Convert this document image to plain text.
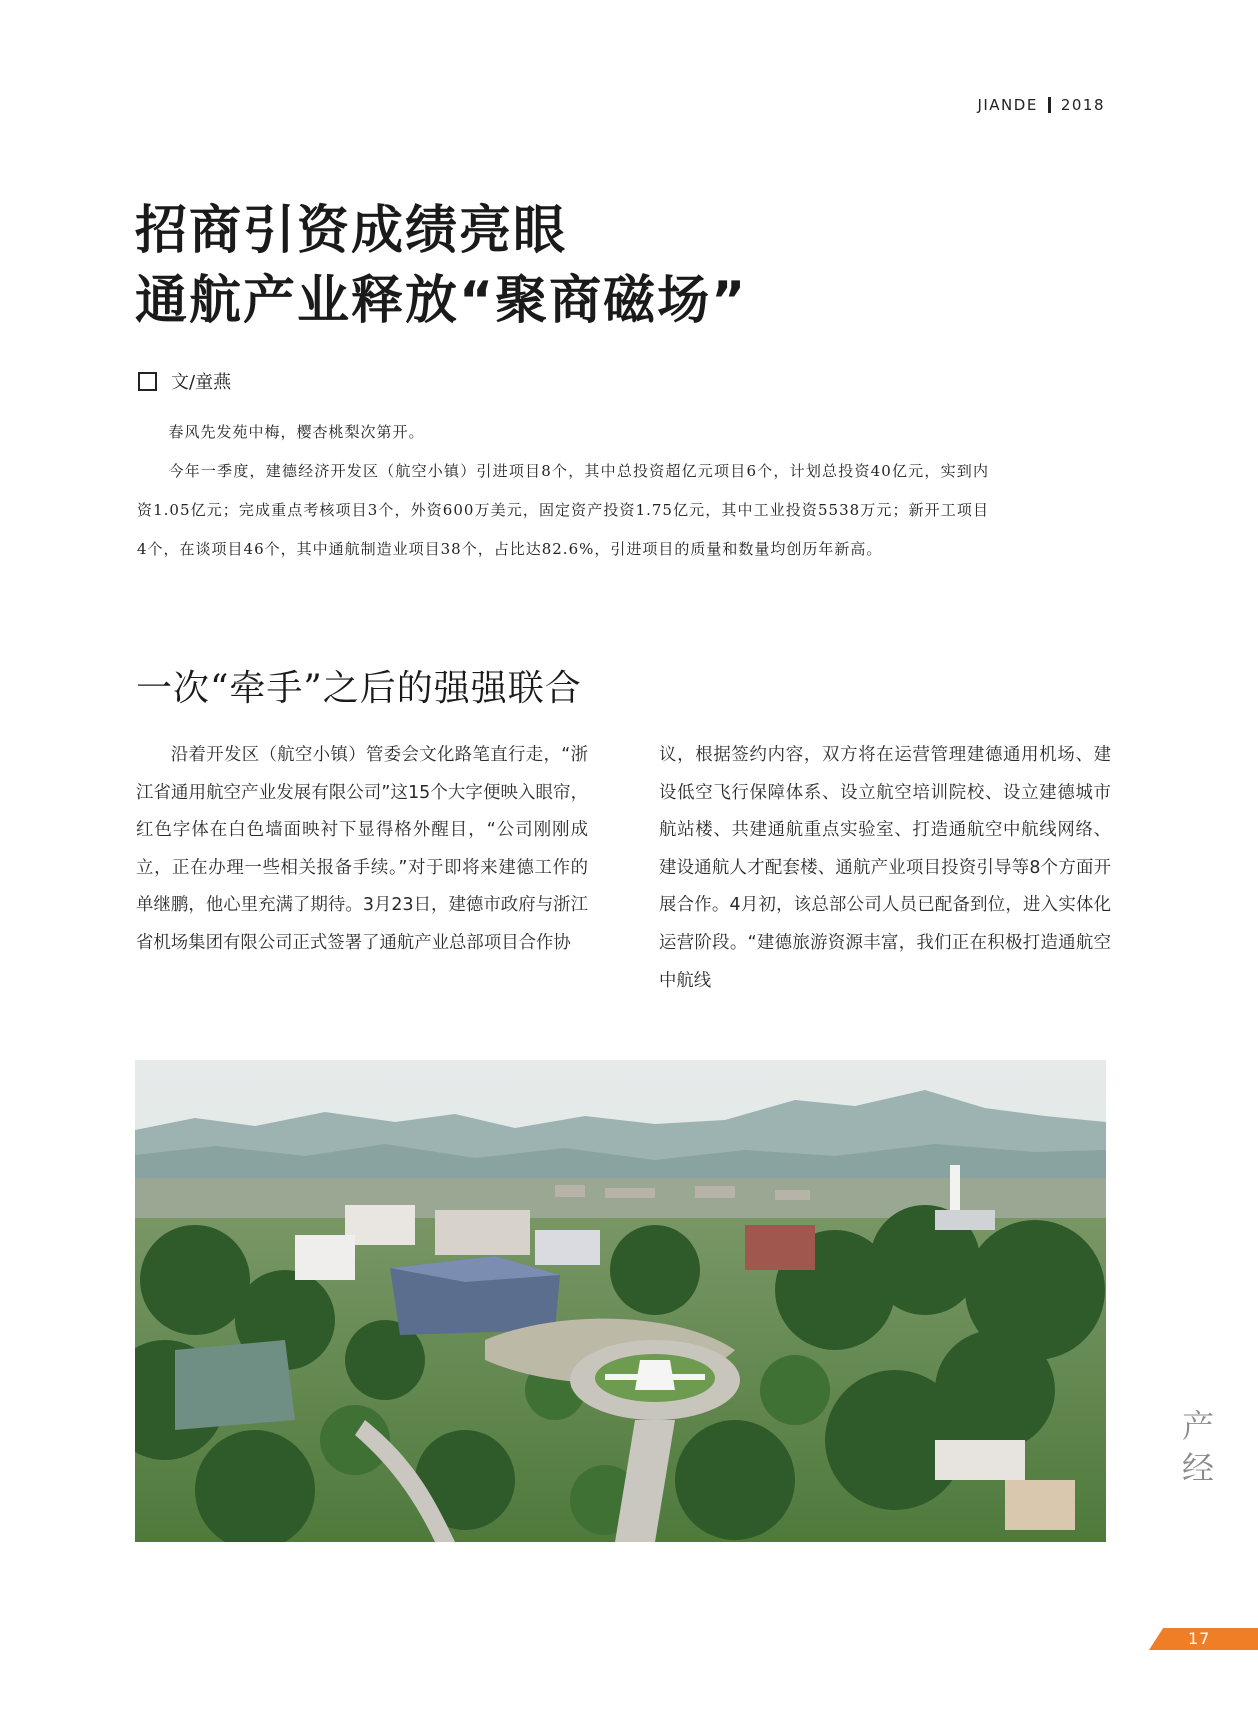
JIANDE 2018
招商引资成绩亮眼
通航产业释放“聚商磁场”
文/童燕

春风先发苑中梅，樱杏桃梨次第开。

今年一季度，建德经济开发区（航空小镇）引进项目8个，其中总投资超亿元项目6个，计划总投资40亿元，实到内资1.05亿元；完成重点考核项目3个，外资600万美元，固定资产投资1.75亿元，其中工业投资5538万元；新开工项目4个，在谈项目46个，其中通航制造业项目38个，占比达82.6%，引进项目的质量和数量均创历年新高。

一次“牵手”之后的强强联合

沿着开发区（航空小镇）管委会文化路笔直行走，“浙江省通用航空产业发展有限公司”这15个大字便映入眼帘，红色字体在白色墙面映衬下显得格外醒目，“公司刚刚成立，正在办理一些相关报备手续。”对于即将来建德工作的单继鹏，他心里充满了期待。3月23日，建德市政府与浙江省机场集团有限公司正式签署了通航产业总部项目合作协

议，根据签约内容，双方将在运营管理建德通用机场、建设低空飞行保障体系、设立航空培训院校、设立建德城市航站楼、共建通航重点实验室、打造通航空中航线网络、建设通航人才配套楼、通航产业项目投资引导等8个方面开展合作。4月初，该总部公司人员已配备到位，进入实体化运营阶段。“建德旅游资源丰富，我们正在积极打造通航空中航线

产
经
17
